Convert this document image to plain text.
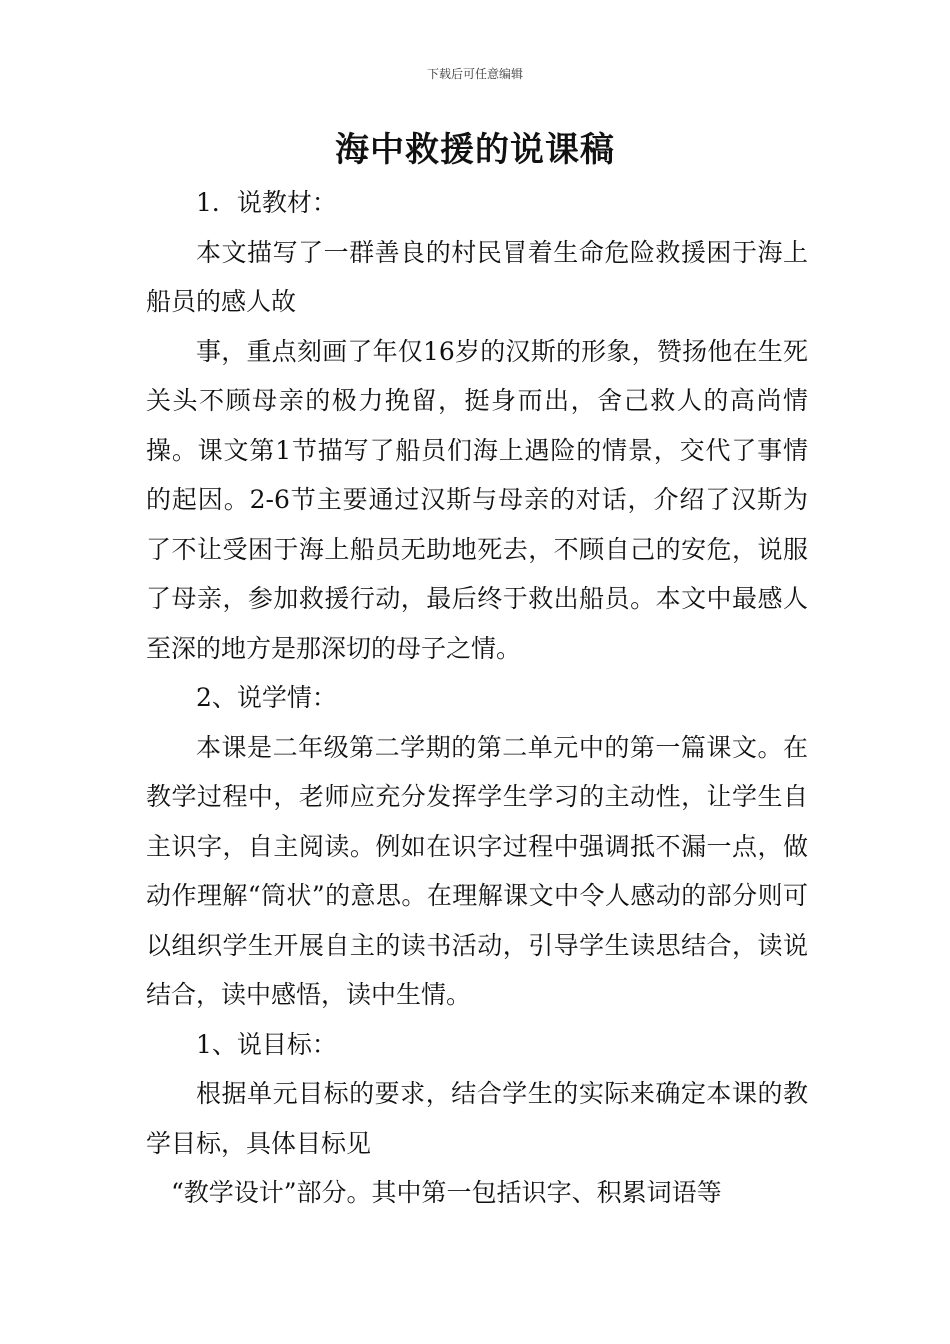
下载后可任意编辑
海中救援的说课稿

1．说教材：

本文描写了一群善良的村民冒着生命危险救援困于海上船员的感人故

事，重点刻画了年仅16岁的汉斯的形象，赞扬他在生死关头不顾母亲的极力挽留，挺身而出，舍己救人的高尚情操。课文第1节描写了船员们海上遇险的情景，交代了事情的起因。2-6节主要通过汉斯与母亲的对话，介绍了汉斯为了不让受困于海上船员无助地死去，不顾自己的安危，说服了母亲，参加救援行动，最后终于救出船员。本文中最感人至深的地方是那深切的母子之情。

2、说学情：

本课是二年级第二学期的第二单元中的第一篇课文。在教学过程中，老师应充分发挥学生学习的主动性，让学生自主识字，自主阅读。例如在识字过程中强调抵不漏一点，做动作理解“筒状”的意思。在理解课文中令人感动的部分则可以组织学生开展自主的读书活动，引导学生读思结合，读说结合，读中感悟，读中生情。

1、说目标：

根据单元目标的要求，结合学生的实际来确定本课的教学目标，具体目标见

“教学设计”部分。其中第一包括识字、积累词语等
